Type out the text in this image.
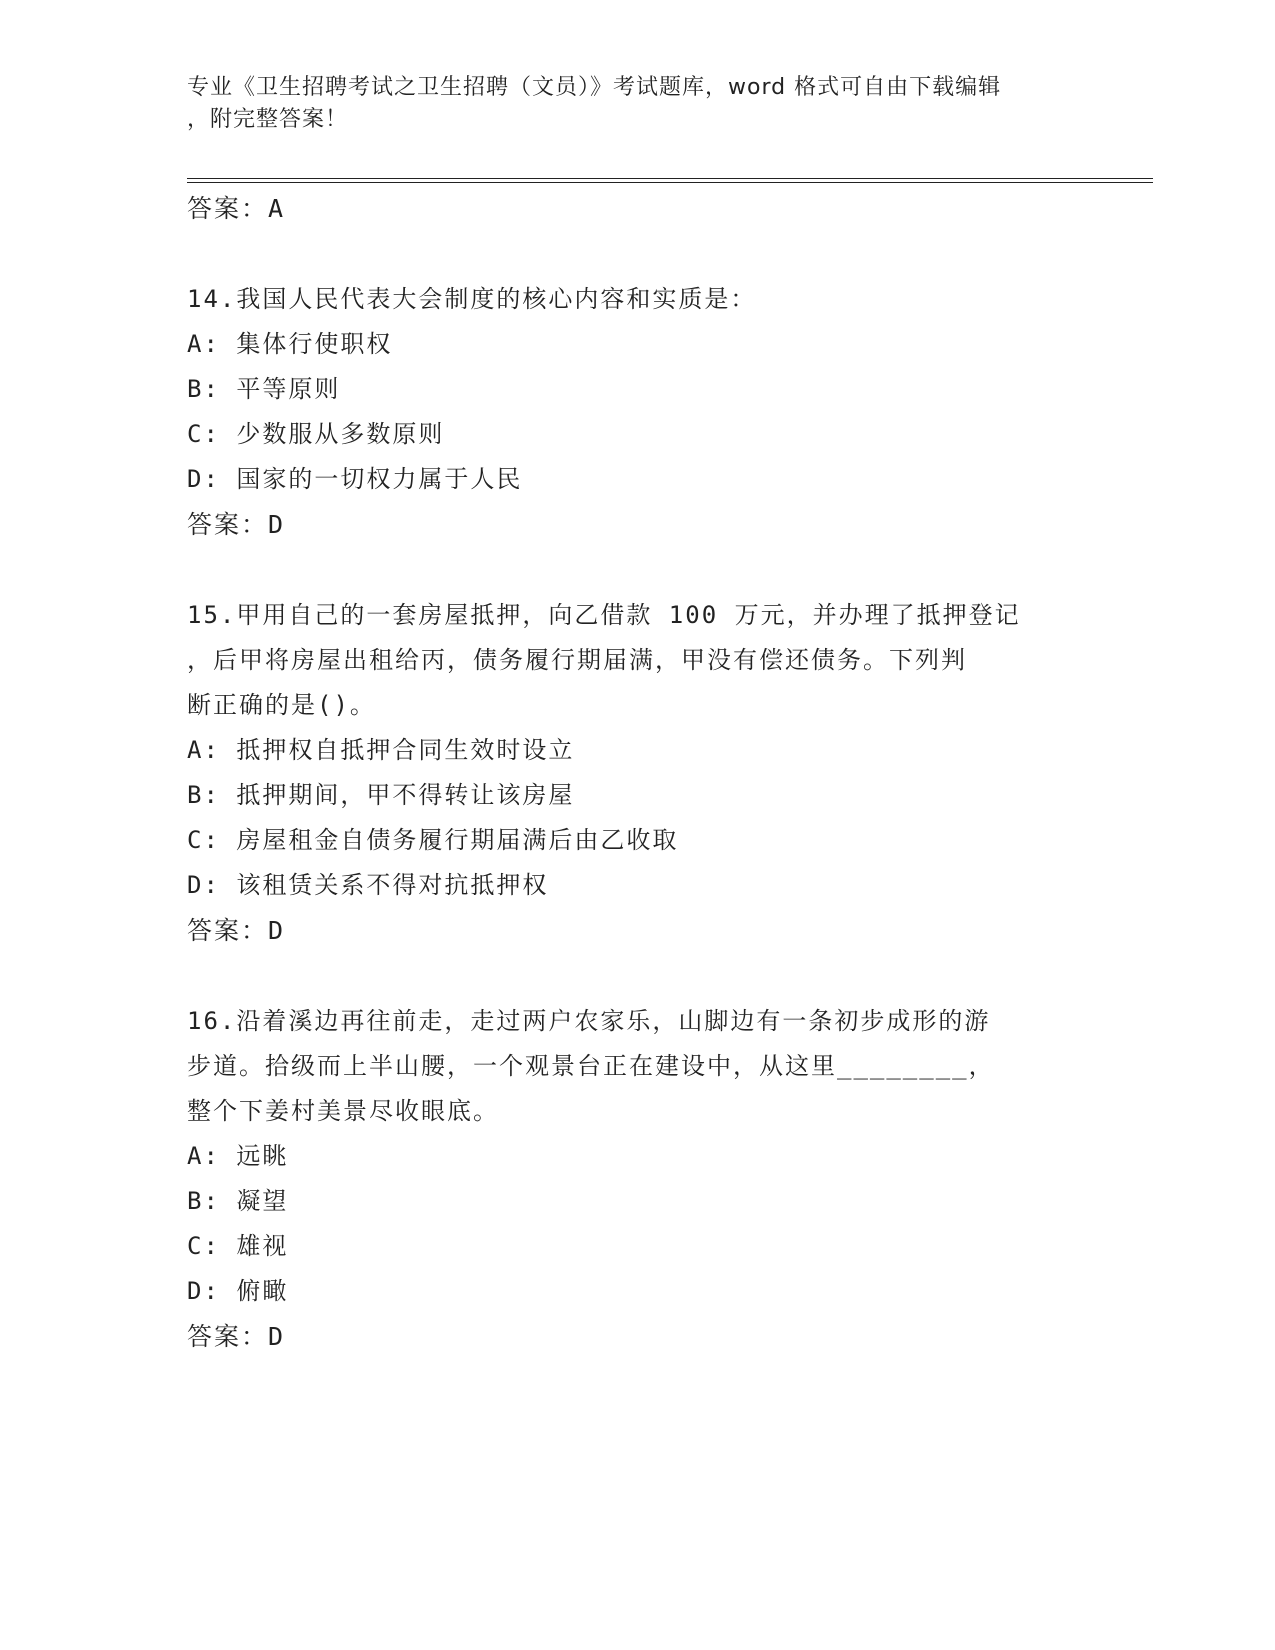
专业《卫生招聘考试之卫生招聘（文员）》考试题库，word 格式可自由下载编辑
，附完整答案！
答案：A
14.我国人民代表大会制度的核心内容和实质是：
A: 集体行使职权
B: 平等原则
C: 少数服从多数原则
D: 国家的一切权力属于人民
答案：D
15.甲用自己的一套房屋抵押，向乙借款 100 万元，并办理了抵押登记
，后甲将房屋出租给丙，债务履行期届满，甲没有偿还债务。下列判
断正确的是()。
A: 抵押权自抵押合同生效时设立
B: 抵押期间，甲不得转让该房屋
C: 房屋租金自债务履行期届满后由乙收取
D: 该租赁关系不得对抗抵押权
答案：D
16.沿着溪边再往前走，走过两户农家乐，山脚边有一条初步成形的游
步道。拾级而上半山腰，一个观景台正在建设中，从这里________，
整个下姜村美景尽收眼底。
A: 远眺
B: 凝望
C: 雄视
D: 俯瞰
答案：D
